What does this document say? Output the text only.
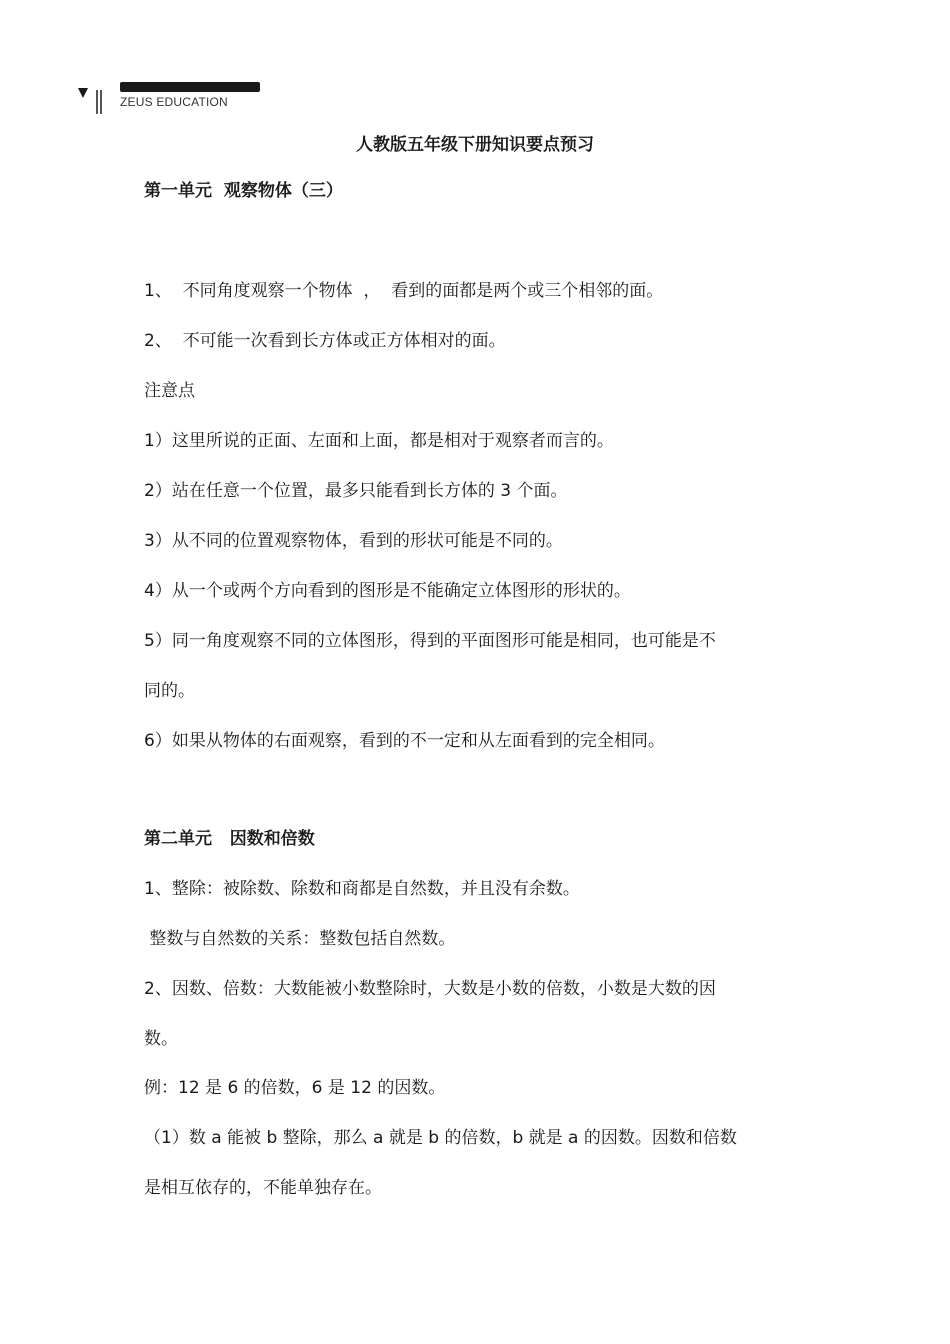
ZEUS EDUCATION
人教版五年级下册知识要点预习
第一单元  观察物体（三）
1、  不同角度观察一个物体  ，  看到的面都是两个或三个相邻的面。
2、  不可能一次看到长方体或正方体相对的面。
注意点
1）这里所说的正面、左面和上面，都是相对于观察者而言的。
2）站在任意一个位置，最多只能看到长方体的 3 个面。
3）从不同的位置观察物体，看到的形状可能是不同的。
4）从一个或两个方向看到的图形是不能确定立体图形的形状的。
5）同一角度观察不同的立体图形，得到的平面图形可能是相同，也可能是不
同的。
6）如果从物体的右面观察，看到的不一定和从左面看到的完全相同。
第二单元   因数和倍数
1、整除：被除数、除数和商都是自然数，并且没有余数。
整数与自然数的关系：整数包括自然数。
2、因数、倍数：大数能被小数整除时，大数是小数的倍数，小数是大数的因
数。
例：12 是 6 的倍数，6 是 12 的因数。
（1）数 a 能被 b 整除，那么 a 就是 b 的倍数，b 就是 a 的因数。因数和倍数
是相互依存的，不能单独存在。
